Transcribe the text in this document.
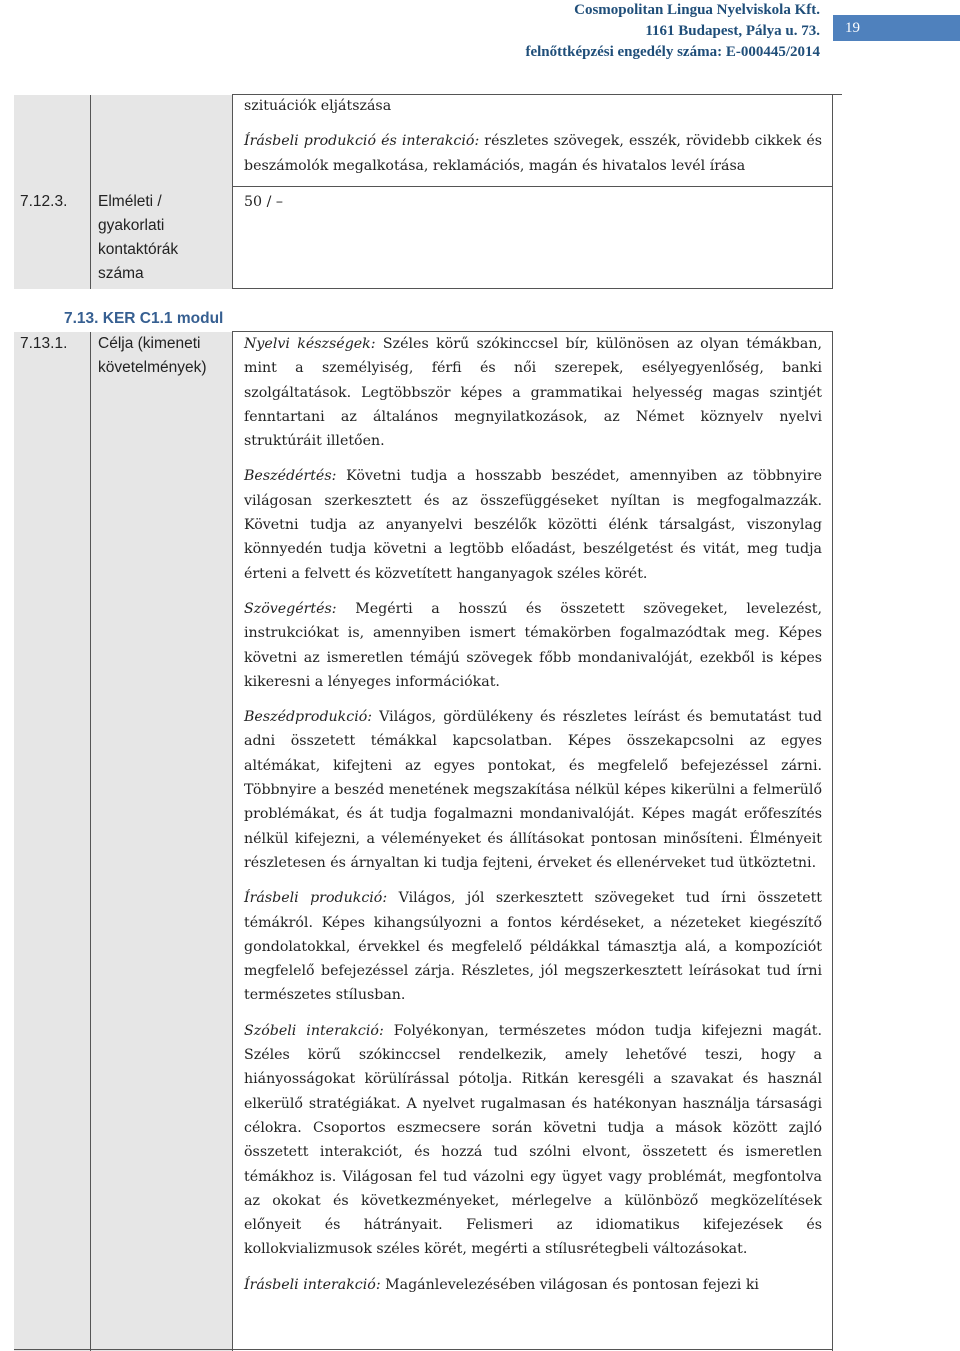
Cosmopolitan Lingua Nyelviskola Kft.
1161 Budapest, Pálya u. 73.
felnőttképzési engedély száma: E-000445/2014
19

szituációk eljátszása

Írásbeli produkció és interakció: részletes szövegek, esszék, rövidebb cikkek és beszámolók megalkotása, reklamációs, magán és hivatalos levél írása

7.12.3. Elméleti / gyakorlati kontaktórák száma
50 / –
7.13. KER C1.1 modul
7.13.1. Célja (kimeneti követelmények)

Nyelvi készségek: Széles körű szókinccsel bír, különösen az olyan témákban, mint a személyiség, férfi és női szerepek, esélyegyenlőség, banki szolgáltatások. Legtöbbször képes a grammatikai helyesség magas szintjét fenntartani az általános megnyilatkozások, az Német köznyelv nyelvi struktúráit illetően.

Beszédértés: Követni tudja a hosszabb beszédet, amennyiben az többnyire világosan szerkesztett és az összefüggéseket nyíltan is megfogalmazzák. Követni tudja az anyanyelvi beszélők közötti élénk társalgást, viszonylag könnyedén tudja követni a legtöbb előadást, beszélgetést és vitát, meg tudja érteni a felvett és közvetített hanganyagok széles körét.

Szövegértés: Megérti a hosszú és összetett szövegeket, levelezést, instrukciókat is, amennyiben ismert témakörben fogalmazódtak meg. Képes követni az ismeretlen témájú szövegek főbb mondanivalóját, ezekből is képes kikeresni a lényeges információkat.

Beszédprodukció: Világos, gördülékeny és részletes leírást és bemutatást tud adni összetett témákkal kapcsolatban. Képes összekapcsolni az egyes altémákat, kifejteni az egyes pontokat, és megfelelő befejezéssel zárni. Többnyire a beszéd menetének megszakítása nélkül képes kikerülni a felmerülő problémákat, és át tudja fogalmazni mondanivalóját. Képes magát erőfeszítés nélkül kifejezni, a véleményeket és állításokat pontosan minősíteni. Élményeit részletesen és árnyaltan ki tudja fejteni, érveket és ellenérveket tud ütköztetni.

Írásbeli produkció: Világos, jól szerkesztett szövegeket tud írni összetett témákról. Képes kihangsúlyozni a fontos kérdéseket, a nézeteket kiegészítő gondolatokkal, érvekkel és megfelelő példákkal támasztja alá, a kompozíciót megfelelő befejezéssel zárja. Részletes, jól megszerkesztett leírásokat tud írni természetes stílusban.

Szóbeli interakció: Folyékonyan, természetes módon tudja kifejezni magát. Széles körű szókinccsel rendelkezik, amely lehetővé teszi, hogy a hiányosságokat körülírással pótolja. Ritkán keresgéli a szavakat és használ elkerülő stratégiákat. A nyelvet rugalmasan és hatékonyan használja társasági célokra. Csoportos eszmecsere során követni tudja a mások között zajló összetett interakciót, és hozzá tud szólni elvont, összetett és ismeretlen témákhoz is. Világosan fel tud vázolni egy ügyet vagy problémát, megfontolva az okokat és következményeket, mérlegelve a különböző megközelítések előnyeit és hátrányait. Felismeri az idiomatikus kifejezések és kollokvializmusok széles körét, megérti a stílusrétegbeli változásokat.

Írásbeli interakció: Magánlevelezésében világosan és pontosan fejezi ki
